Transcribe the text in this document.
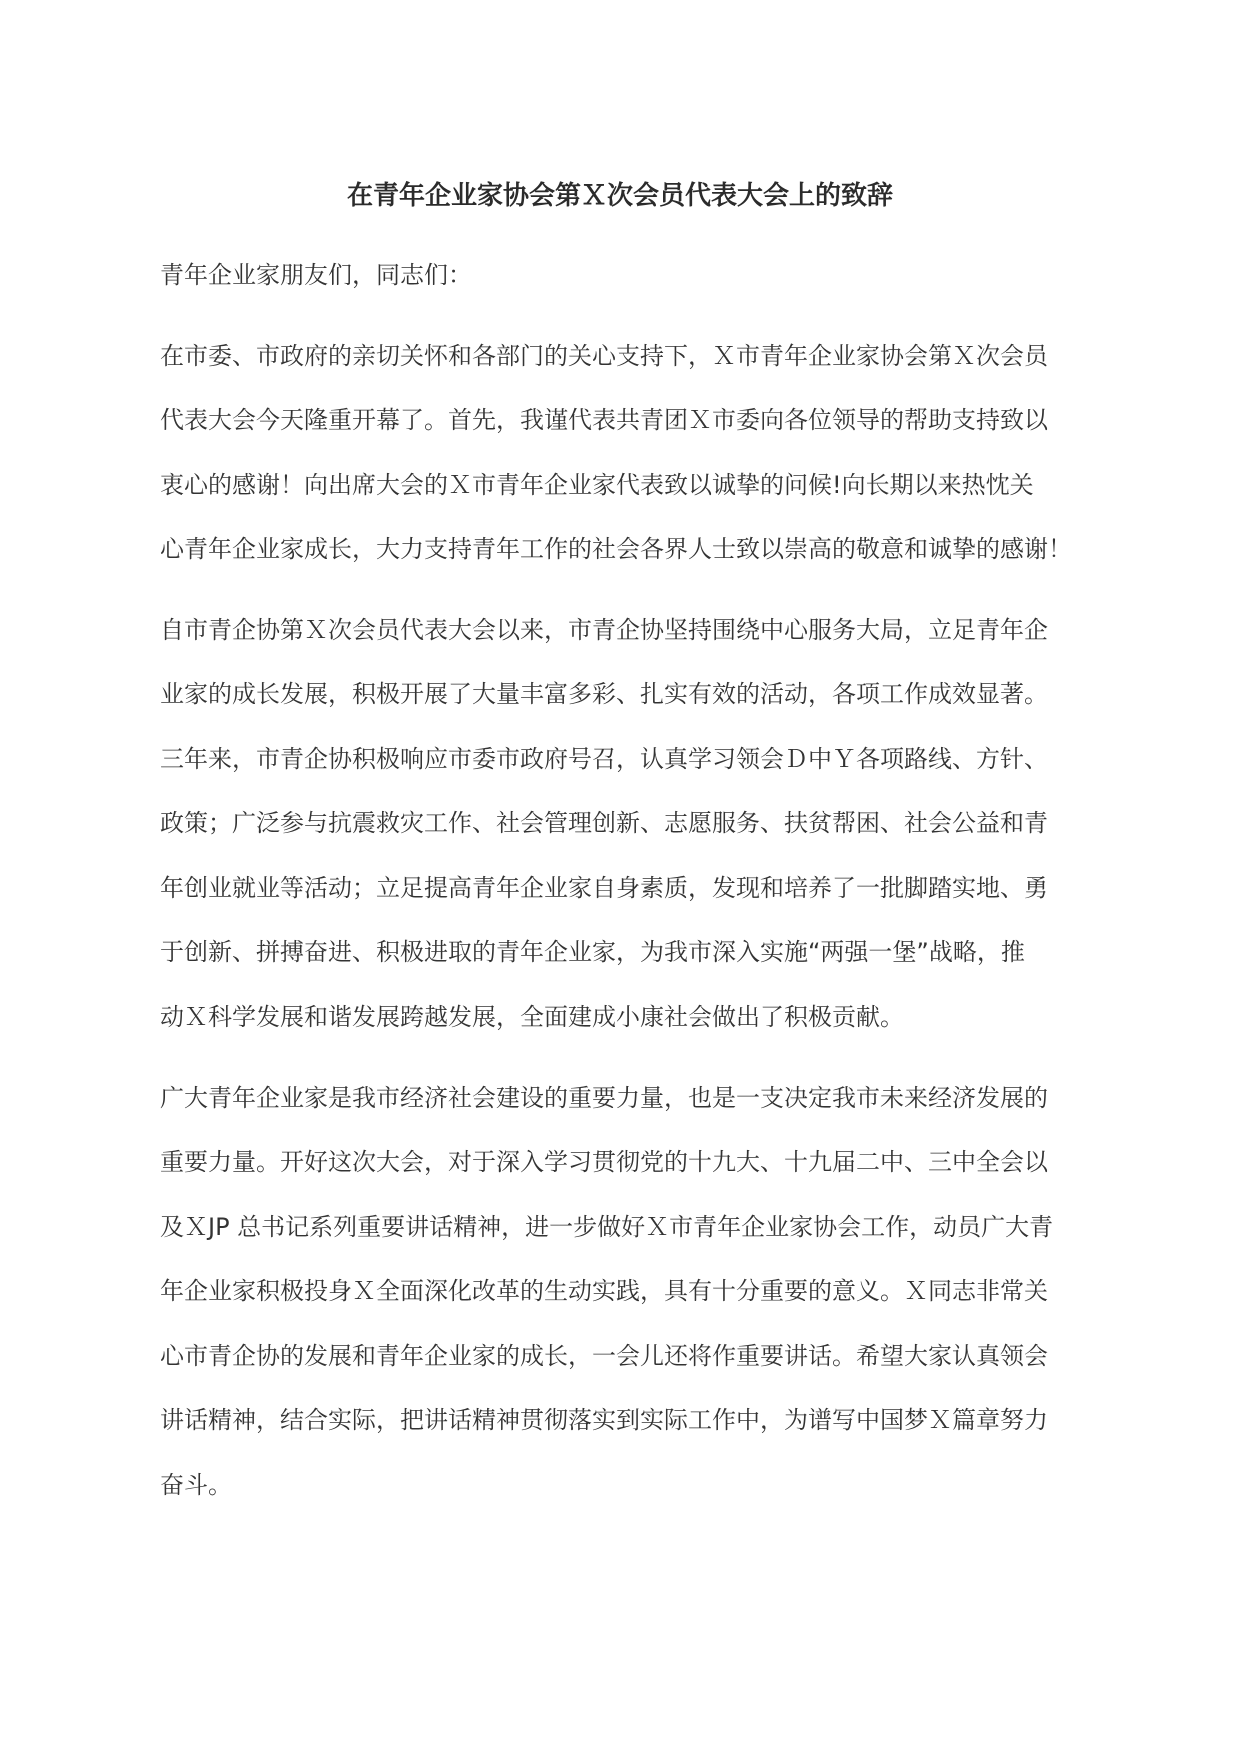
在青年企业家协会第Ｘ次会员代表大会上的致辞
青年企业家朋友们，同志们：
在市委、市政府的亲切关怀和各部门的关心支持下，Ｘ市青年企业家协会第Ｘ次会员
代表大会今天隆重开幕了。首先，我谨代表共青团Ｘ市委向各位领导的帮助支持致以
衷心的感谢！向出席大会的Ｘ市青年企业家代表致以诚挚的问候!向长期以来热忱关
心青年企业家成长，大力支持青年工作的社会各界人士致以崇高的敬意和诚挚的感谢！
自市青企协第Ｘ次会员代表大会以来，市青企协坚持围绕中心服务大局，立足青年企
业家的成长发展，积极开展了大量丰富多彩、扎实有效的活动，各项工作成效显著。
三年来，市青企协积极响应市委市政府号召，认真学习领会Ｄ中Ｙ各项路线、方针、
政策；广泛参与抗震救灾工作、社会管理创新、志愿服务、扶贫帮困、社会公益和青
年创业就业等活动；立足提高青年企业家自身素质，发现和培养了一批脚踏实地、勇
于创新、拼搏奋进、积极进取的青年企业家，为我市深入实施“两强一堡”战略，推
动Ｘ科学发展和谐发展跨越发展，全面建成小康社会做出了积极贡献。
广大青年企业家是我市经济社会建设的重要力量，也是一支决定我市未来经济发展的
重要力量。开好这次大会，对于深入学习贯彻党的十九大、十九届二中、三中全会以
及ＸJP 总书记系列重要讲话精神，进一步做好Ｘ市青年企业家协会工作，动员广大青
年企业家积极投身Ｘ全面深化改革的生动实践，具有十分重要的意义。Ｘ同志非常关
心市青企协的发展和青年企业家的成长，一会儿还将作重要讲话。希望大家认真领会
讲话精神，结合实际，把讲话精神贯彻落实到实际工作中，为谱写中国梦Ｘ篇章努力
奋斗。
